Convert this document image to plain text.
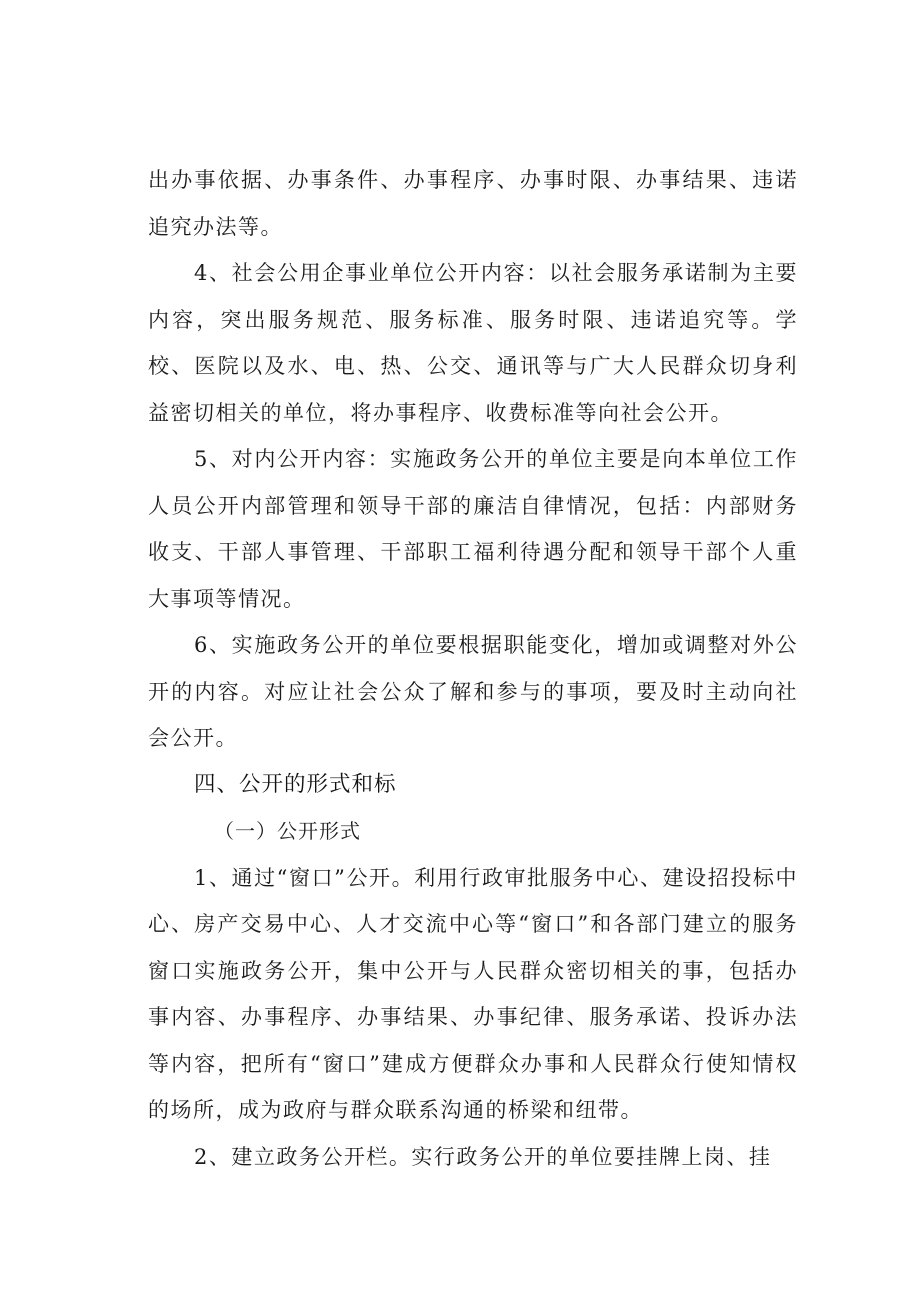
出办事依据、办事条件、办事程序、办事时限、办事结果、违诺追究办法等。

4、社会公用企事业单位公开内容：以社会服务承诺制为主要内容，突出服务规范、服务标准、服务时限、违诺追究等。学校、医院以及水、电、热、公交、通讯等与广大人民群众切身利益密切相关的单位，将办事程序、收费标准等向社会公开。

5、对内公开内容：实施政务公开的单位主要是向本单位工作人员公开内部管理和领导干部的廉洁自律情况，包括：内部财务收支、干部人事管理、干部职工福利待遇分配和领导干部个人重大事项等情况。

6、实施政务公开的单位要根据职能变化，增加或调整对外公开的内容。对应让社会公众了解和参与的事项，要及时主动向社会公开。

四、公开的形式和标

（一）公开形式

1、通过“窗口”公开。利用行政审批服务中心、建设招投标中心、房产交易中心、人才交流中心等“窗口”和各部门建立的服务窗口实施政务公开，集中公开与人民群众密切相关的事，包括办事内容、办事程序、办事结果、办事纪律、服务承诺、投诉办法等内容，把所有“窗口”建成方便群众办事和人民群众行使知情权的场所，成为政府与群众联系沟通的桥梁和纽带。

2、建立政务公开栏。实行政务公开的单位要挂牌上岗、挂
